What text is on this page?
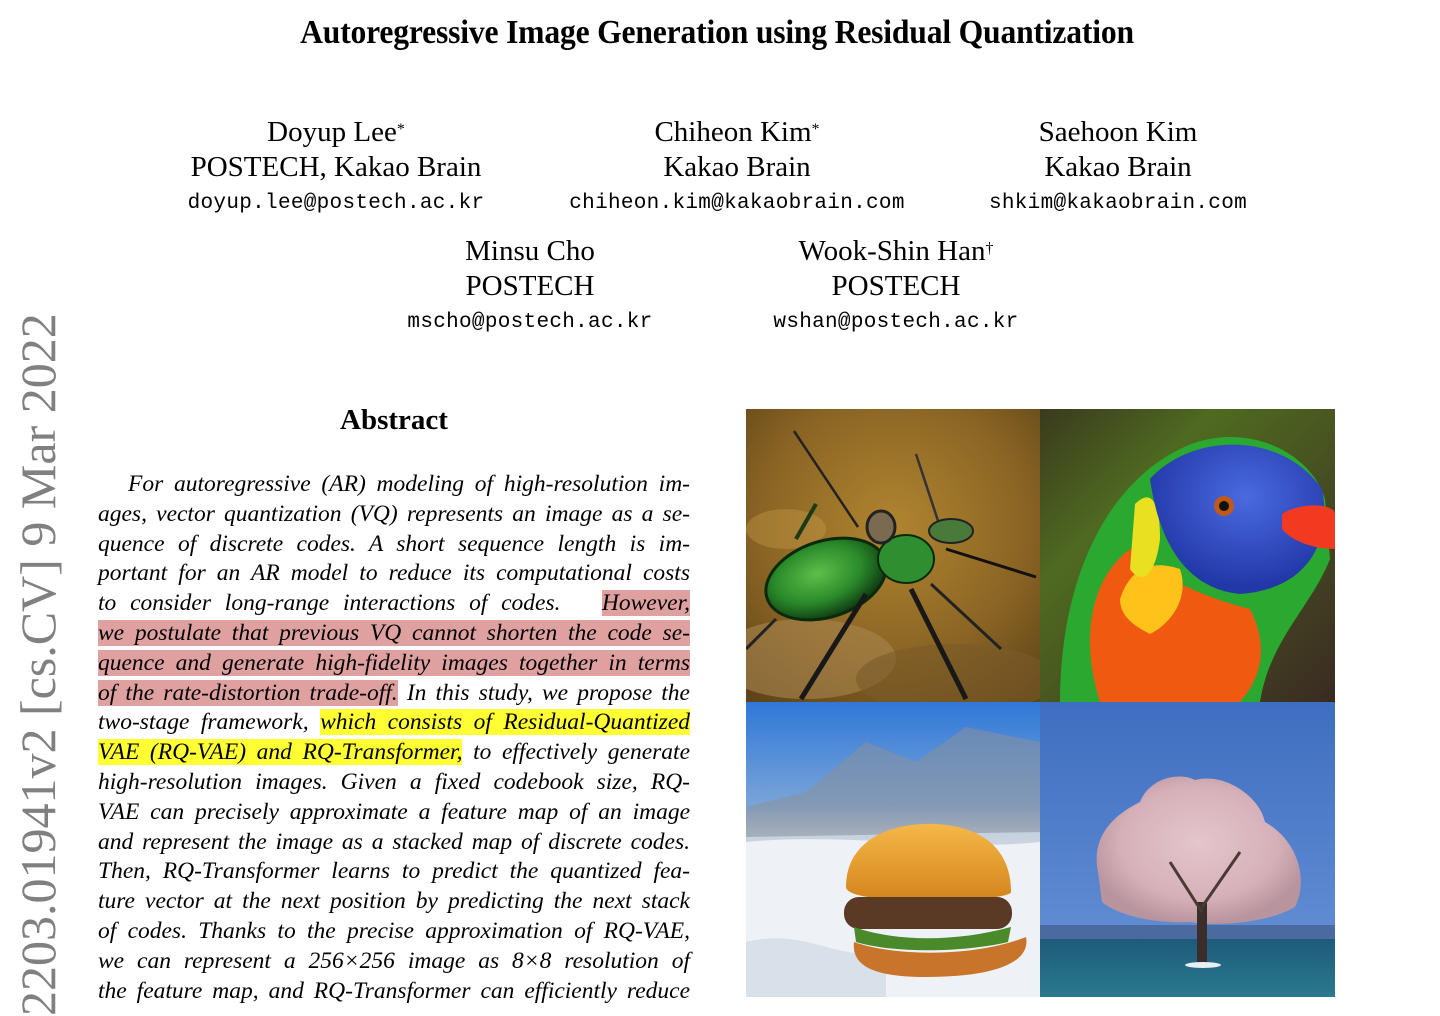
Autoregressive Image Generation using Residual Quantization
Doyup Lee*
POSTECH, Kakao Brain
doyup.lee@postech.ac.kr
Chiheon Kim*
Kakao Brain
chiheon.kim@kakaobrain.com
Saehoon Kim
Kakao Brain
shkim@kakaobrain.com
Minsu Cho
POSTECH
mscho@postech.ac.kr
Wook-Shin Han†
POSTECH
wshan@postech.ac.kr
2203.01941v2 [cs.CV] 9 Mar 2022	Abstract
For autoregressive (AR) modeling of high-resolution im-
ages, vector quantization (VQ) represents an image as a se-
quence of discrete codes. A short sequence length is im-
portant for an AR model to reduce its computational costs
to consider long-range interactions of codes. However,
we postulate that previous VQ cannot shorten the code se-
quence and generate high-fidelity images together in terms
of the rate-distortion trade-off. In this study, we propose the
two-stage framework, which consists of Residual-Quantized
VAE (RQ-VAE) and RQ-Transformer, to effectively generate
high-resolution images. Given a fixed codebook size, RQ-
VAE can precisely approximate a feature map of an image
and represent the image as a stacked map of discrete codes.
Then, RQ-Transformer learns to predict the quantized fea-
ture vector at the next position by predicting the next stack
of codes. Thanks to the precise approximation of RQ-VAE,
we can represent a 256×256 image as 8×8 resolution of
the feature map, and RQ-Transformer can efficiently reduce
